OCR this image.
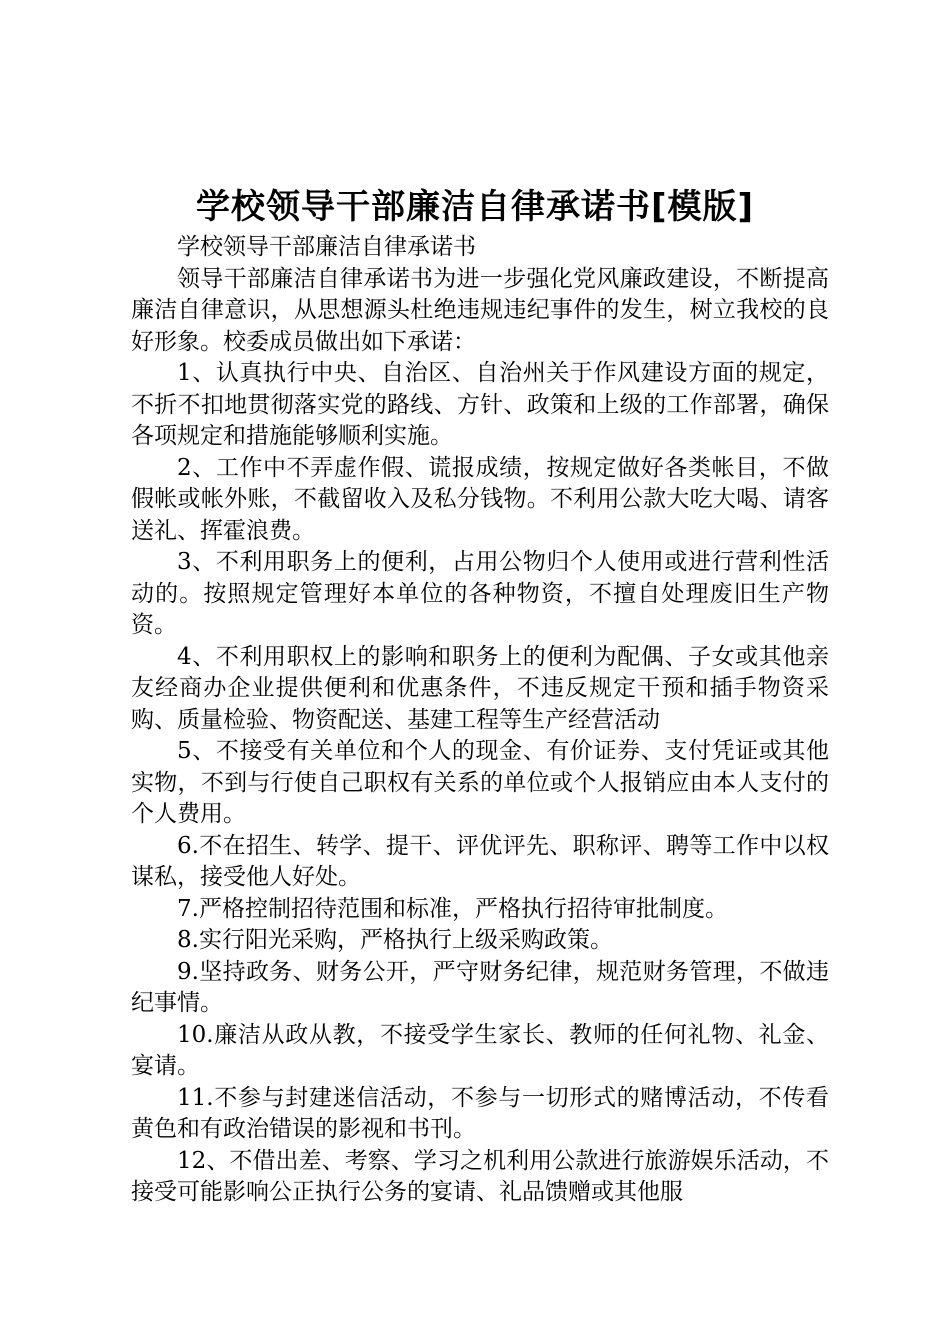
学校领导干部廉洁自律承诺书[模版]

学校领导干部廉洁自律承诺书

领导干部廉洁自律承诺书为进一步强化党风廉政建设，不断提高廉洁自律意识，从思想源头杜绝违规违纪事件的发生，树立我校的良好形象。校委成员做出如下承诺：

1、认真执行中央、自治区、自治州关于作风建设方面的规定，不折不扣地贯彻落实党的路线、方针、政策和上级的工作部署，确保各项规定和措施能够顺利实施。

2、工作中不弄虚作假、谎报成绩，按规定做好各类帐目，不做假帐或帐外账，不截留收入及私分钱物。不利用公款大吃大喝、请客送礼、挥霍浪费。

3、不利用职务上的便利，占用公物归个人使用或进行营利性活动的。按照规定管理好本单位的各种物资，不擅自处理废旧生产物资。

4、不利用职权上的影响和职务上的便利为配偶、子女或其他亲友经商办企业提供便利和优惠条件，不违反规定干预和插手物资采购、质量检验、物资配送、基建工程等生产经营活动

5、不接受有关单位和个人的现金、有价证券、支付凭证或其他实物，不到与行使自己职权有关系的单位或个人报销应由本人支付的个人费用。

6.不在招生、转学、提干、评优评先、职称评、聘等工作中以权谋私，接受他人好处。

7.严格控制招待范围和标准，严格执行招待审批制度。

8.实行阳光采购，严格执行上级采购政策。

9.坚持政务、财务公开，严守财务纪律，规范财务管理，不做违纪事情。

10.廉洁从政从教，不接受学生家长、教师的任何礼物、礼金、宴请。

11.不参与封建迷信活动，不参与一切形式的赌博活动，不传看黄色和有政治错误的影视和书刊。

12、不借出差、考察、学习之机利用公款进行旅游娱乐活动，不接受可能影响公正执行公务的宴请、礼品馈赠或其他服
